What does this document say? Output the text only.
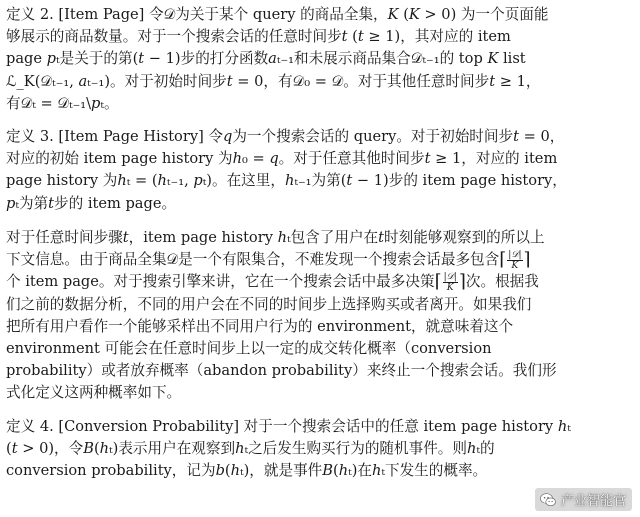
定义 2. [Item Page] 令𝒟为关于某个 query 的商品全集，𝐾 (𝐾 > 0) 为一个页面能

够展示的商品数量。对于一个搜索会话的任意时间步𝑡 (𝑡 ≥ 1)，其对应的 item

page 𝑝ₜ是关于的第(𝑡 − 1)步的打分函数𝑎ₜ₋₁和未展示商品集合𝒟ₜ₋₁的 top 𝐾 list

ℒ_K(𝒟ₜ₋₁, 𝑎ₜ₋₁)。对于初始时间步𝑡 = 0，有𝒟₀ = 𝒟。对于其他任意时间步𝑡 ≥ 1，

有𝒟ₜ = 𝒟ₜ₋₁\𝑝ₜ。

定义 3. [Item Page History] 令𝑞为一个搜索会话的 query。对于初始时间步𝑡 = 0，

对应的初始 item page history 为ℎ₀ = 𝑞。对于任意其他时间步𝑡 ≥ 1，对应的 item

page history 为ℎₜ = (ℎₜ₋₁, 𝑝ₜ)。在这里，ℎₜ₋₁为第(𝑡 − 1)步的 item page history，

𝑝ₜ为第𝑡步的 item page。

对于任意时间步骤𝑡，item page history ℎₜ包含了用户在𝑡时刻能够观察到的所以上

下文信息。由于商品全集𝒟是一个有限集合，不难发现一个搜索会话最多包含⌈ $\frac{\text{|𝒟|}}{K}$ ⌉

个 item page。对于搜索引擎来讲，它在一个搜索会话中最多决策⌈ $\frac{\text{|𝒟|}}{K}$ ⌉次。根据我

们之前的数据分析，不同的用户会在不同的时间步上选择购买或者离开。如果我们

把所有用户看作一个能够采样出不同用户行为的 environment，就意味着这个

environment 可能会在任意时间步上以一定的成交转化概率（conversion

probability）或者放弃概率（abandon probability）来终止一个搜索会话。我们形

式化定义这两种概率如下。

定义 4. [Conversion Probability] 对于一个搜索会话中的任意 item page history ℎₜ

(𝑡 > 0)，令𝐵(ℎₜ)表示用户在观察到ℎₜ之后发生购买行为的随机事件。则ℎₜ的

conversion probability，记为𝑏(ℎₜ)，就是事件𝐵(ℎₜ)在ℎₜ下发生的概率。

产业智能官
